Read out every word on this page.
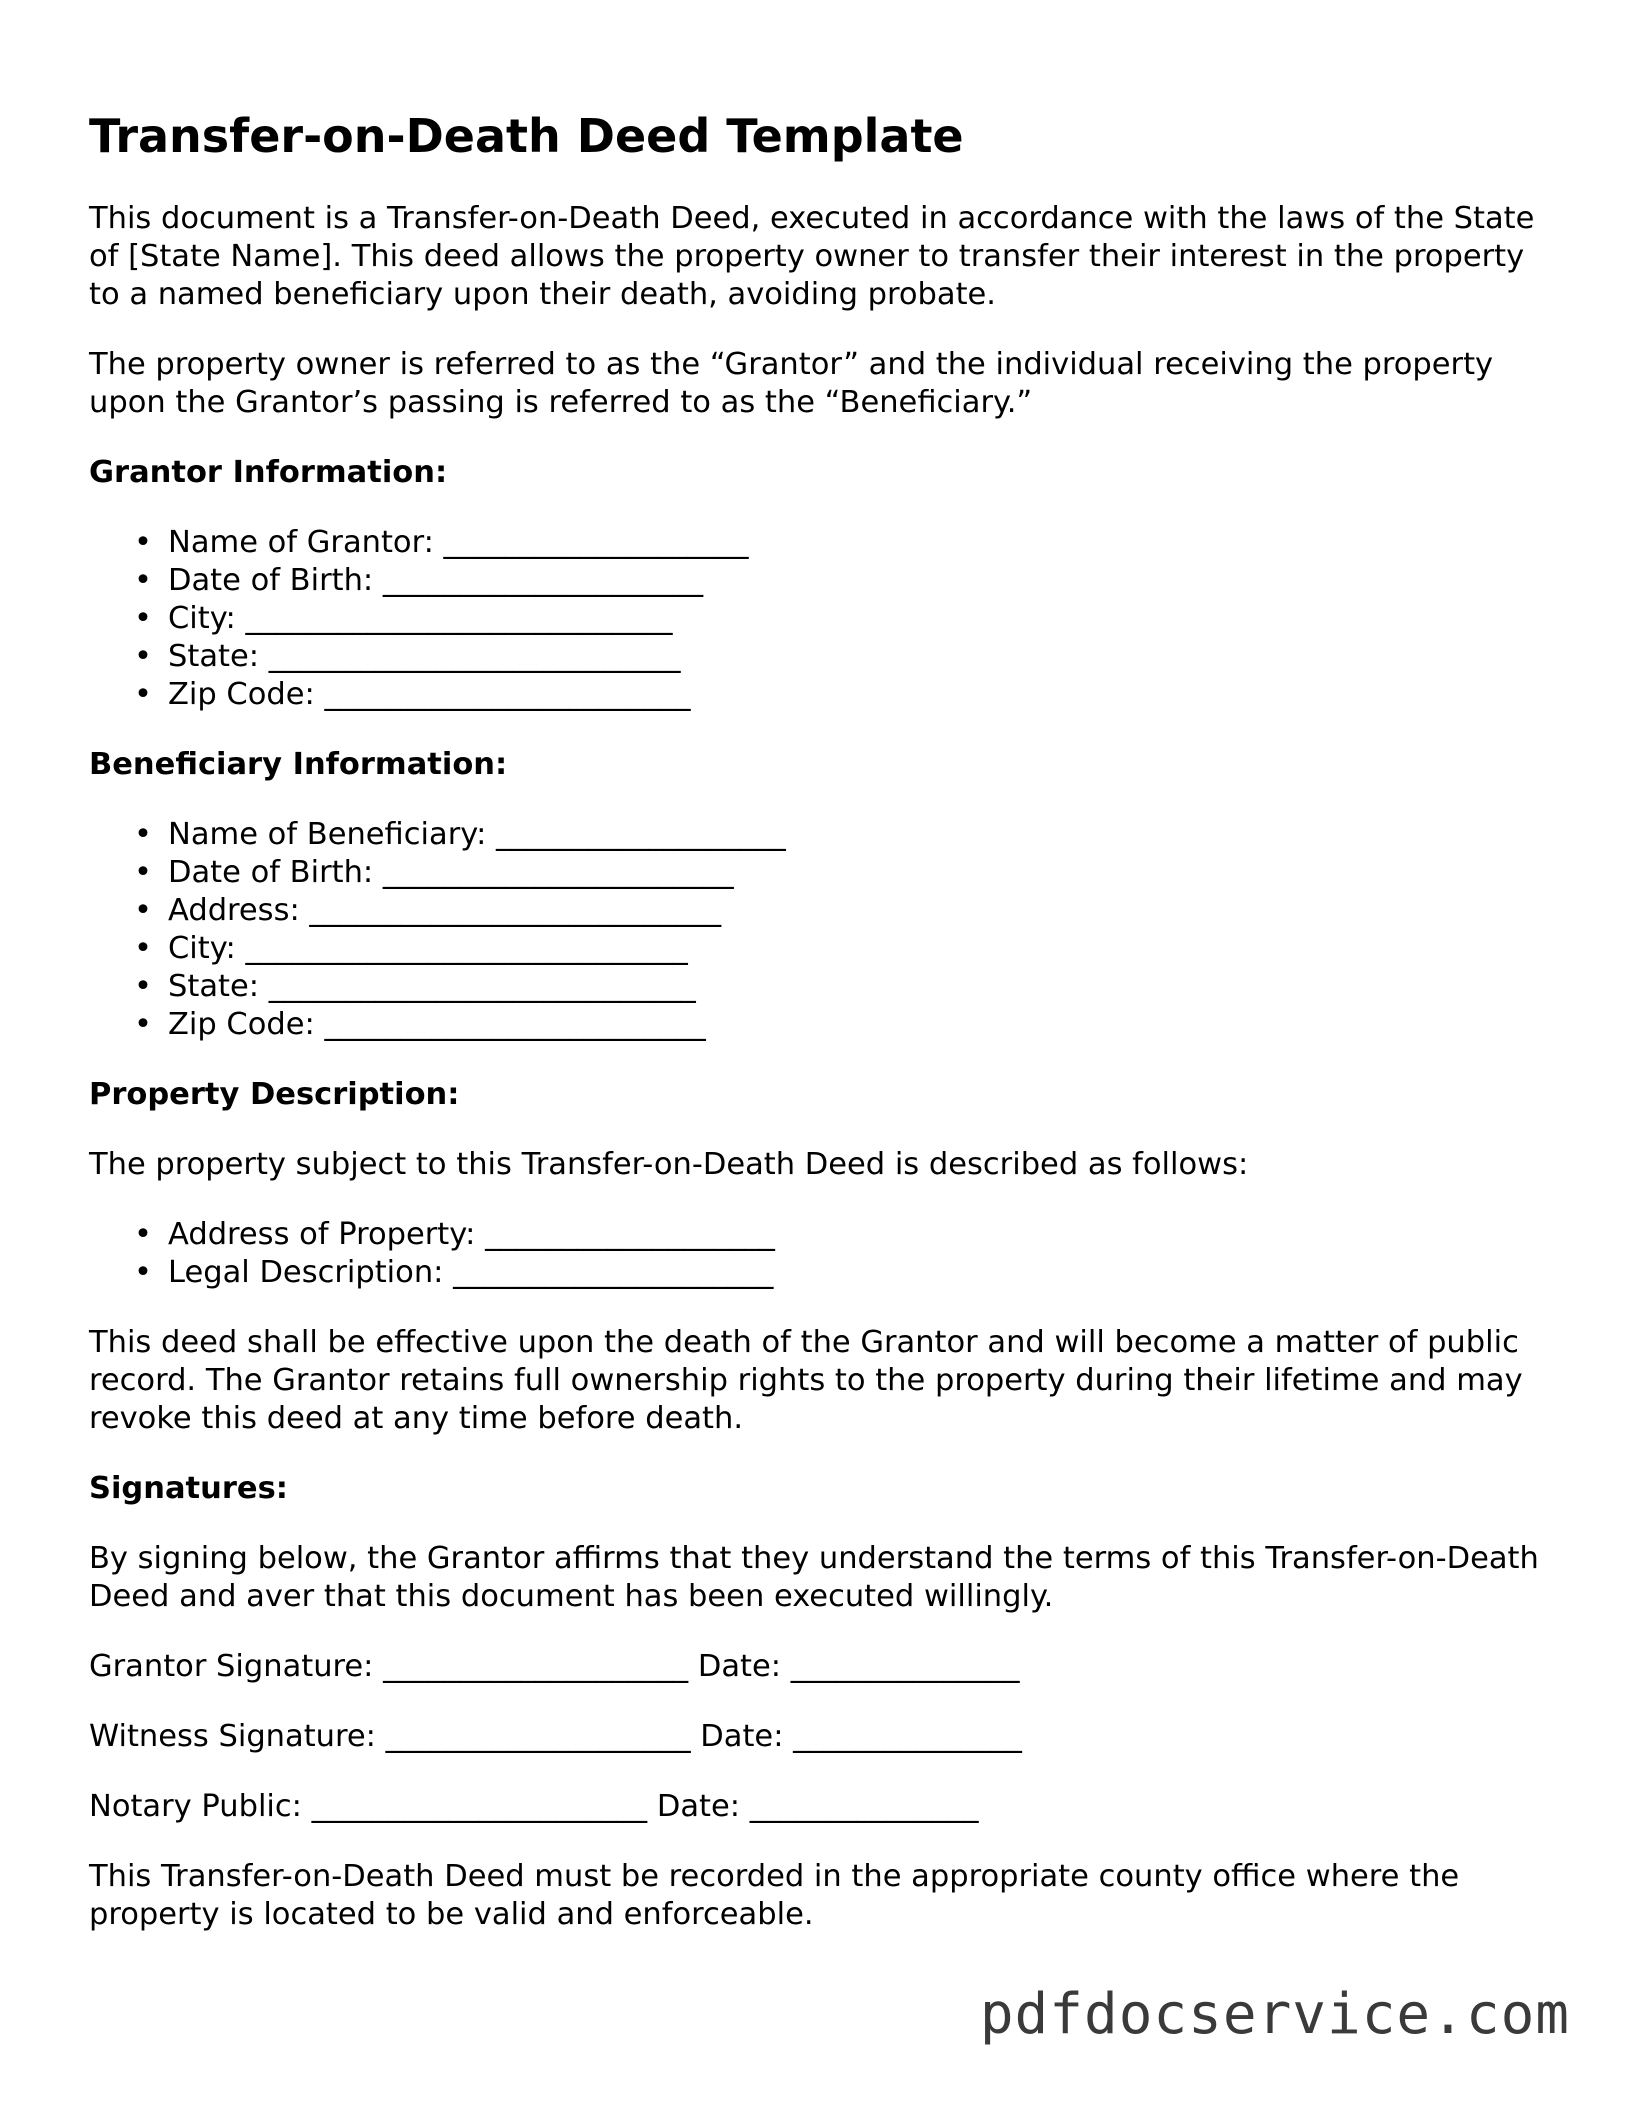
Transfer-on-Death Deed Template

This document is a Transfer-on-Death Deed, executed in accordance with the laws of the State of [State Name]. This deed allows the property owner to transfer their interest in the property to a named beneficiary upon their death, avoiding probate.

The property owner is referred to as the “Grantor” and the individual receiving the property upon the Grantor’s passing is referred to as the “Beneficiary.”

Grantor Information:
• Name of Grantor: ____________________
• Date of Birth: _____________________
• City: ____________________________
• State: ___________________________
• Zip Code: ________________________
Beneficiary Information:
• Name of Beneficiary: ___________________
• Date of Birth: _______________________
• Address: ___________________________
• City: _____________________________
• State: ____________________________
• Zip Code: _________________________
Property Description:

The property subject to this Transfer-on-Death Deed is described as follows:

• Address of Property: ___________________
• Legal Description: _____________________

This deed shall be effective upon the death of the Grantor and will become a matter of public record. The Grantor retains full ownership rights to the property during their lifetime and may revoke this deed at any time before death.

Signatures:

By signing below, the Grantor affirms that they understand the terms of this Transfer-on-Death Deed and aver that this document has been executed willingly.

Grantor Signature: ____________________ Date: _______________
Witness Signature: ____________________ Date: _______________
Notary Public: ______________________ Date: _______________

This Transfer-on-Death Deed must be recorded in the appropriate county office where the property is located to be valid and enforceable.

pdfdocservice.com
